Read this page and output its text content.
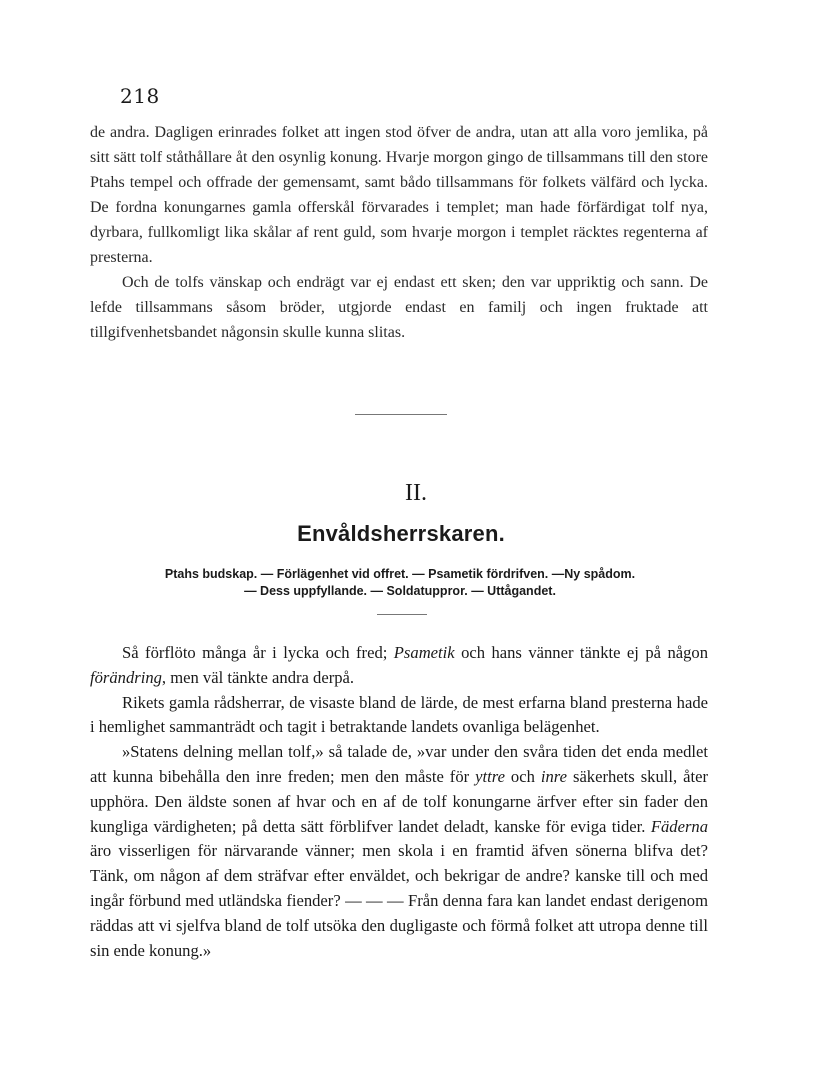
218

de andra. Dagligen erinrades folket att ingen stod öfver de andra, utan att alla voro jemlika, på sitt sätt tolf ståthållare åt den osynlig konung. Hvarje morgon gingo de tillsammans till den store Ptahs tempel och offrade der gemensamt, samt bådo tillsammans för folkets välfärd och lycka. De fordna konungarnes gamla offerskål förvarades i templet; man hade förfärdigat tolf nya, dyrbara, fullkomligt lika skålar af rent guld, som hvarje morgon i templet räcktes regenterna af presterna.

Och de tolfs vänskap och endrägt var ej endast ett sken; den var uppriktig och sann. De lefde tillsammans såsom bröder, utgjorde endast en familj och ingen fruktade att tillgifvenhetsbandet någonsin skulle kunna slitas.

II.
Envåldsherrskaren.
Ptahs budskap. — Förlägenhet vid offret. — Psametik fördrifven. —Ny spådom.
— Dess uppfyllande. — Soldatuppror. — Uttågandet.

Så förflöto många år i lycka och fred; Psametik och hans vänner tänkte ej på någon förändring, men väl tänkte andra derpå.

Rikets gamla rådsherrar, de visaste bland de lärde, de mest erfarna bland presterna hade i hemlighet sammanträdt och tagit i betraktande landets ovanliga belägenhet.

»Statens delning mellan tolf,» så talade de, »var under den svåra tiden det enda medlet att kunna bibehålla den inre freden; men den måste för yttre och inre säkerhets skull, åter upphöra. Den äldste sonen af hvar och en af de tolf konungarne ärfver efter sin fader den kungliga värdigheten; på detta sätt förblifver landet deladt, kanske för eviga tider. Fäderna äro visserligen för närvarande vänner; men skola i en framtid äfven sönerna blifva det? Tänk, om någon af dem sträfvar efter enväldet, och bekrigar de andre? kanske till och med ingår förbund med utländska fiender? — — — Från denna fara kan landet endast derigenom räddas att vi sjelfva bland de tolf utsöka den dugligaste och förmå folket att utropa denne till sin ende konung.»
